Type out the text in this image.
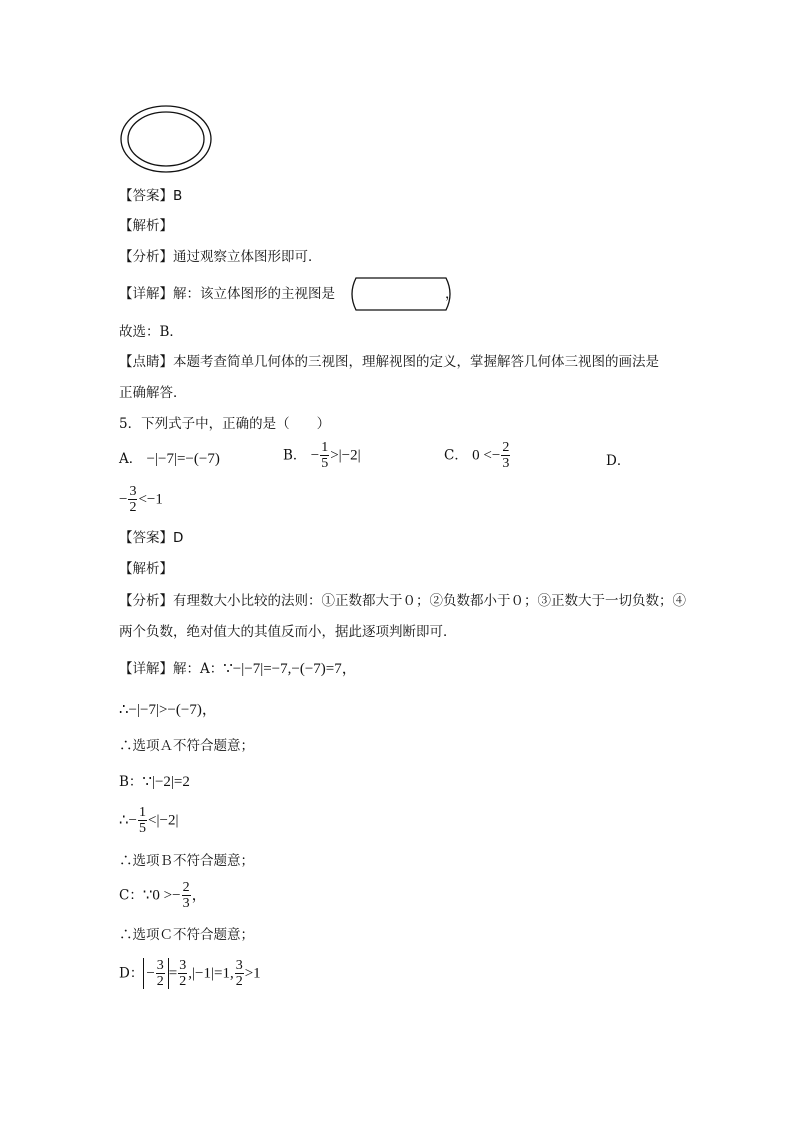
【答案】B
【解析】
【分析】通过观察立体图形即可．
【详解】解：该立体图形的主视图是	，
故选：B．
【点睛】本题考查简单几何体的三视图，理解视图的定义，掌握解答几何体三视图的画法是
正确解答．
5．下列式子中，正确的是（　　）
A． −|−7|=−(−7)	B． − $\frac{1}{5} >|-2|$	C． $0 <- \frac{2}{3}$	D．
− $\frac{3}{2} <-1$
【答案】D
【解析】
【分析】有理数大小比较的法则：①正数都大于０；②负数都小于０；③正数大于一切负数；④
两个负数，绝对值大的其值反而小，据此逐项判断即可．
【详解】解：A：∵−|−7|=−7,−(−7)=7，
∴−|−7|>−(−7)，
∴选项Ａ不符合题意；
B：∵|−2|=2
∴− $\frac{1}{5} <|-2|$
∴选项Ｂ不符合题意；
C：∵0 >− $\frac{2}{3}$ ，
∴选项Ｃ不符合题意；
D： − $\frac{3}{2} = \frac{3}{2} ,|-1|=1$, $\frac{3}{2} >1$
